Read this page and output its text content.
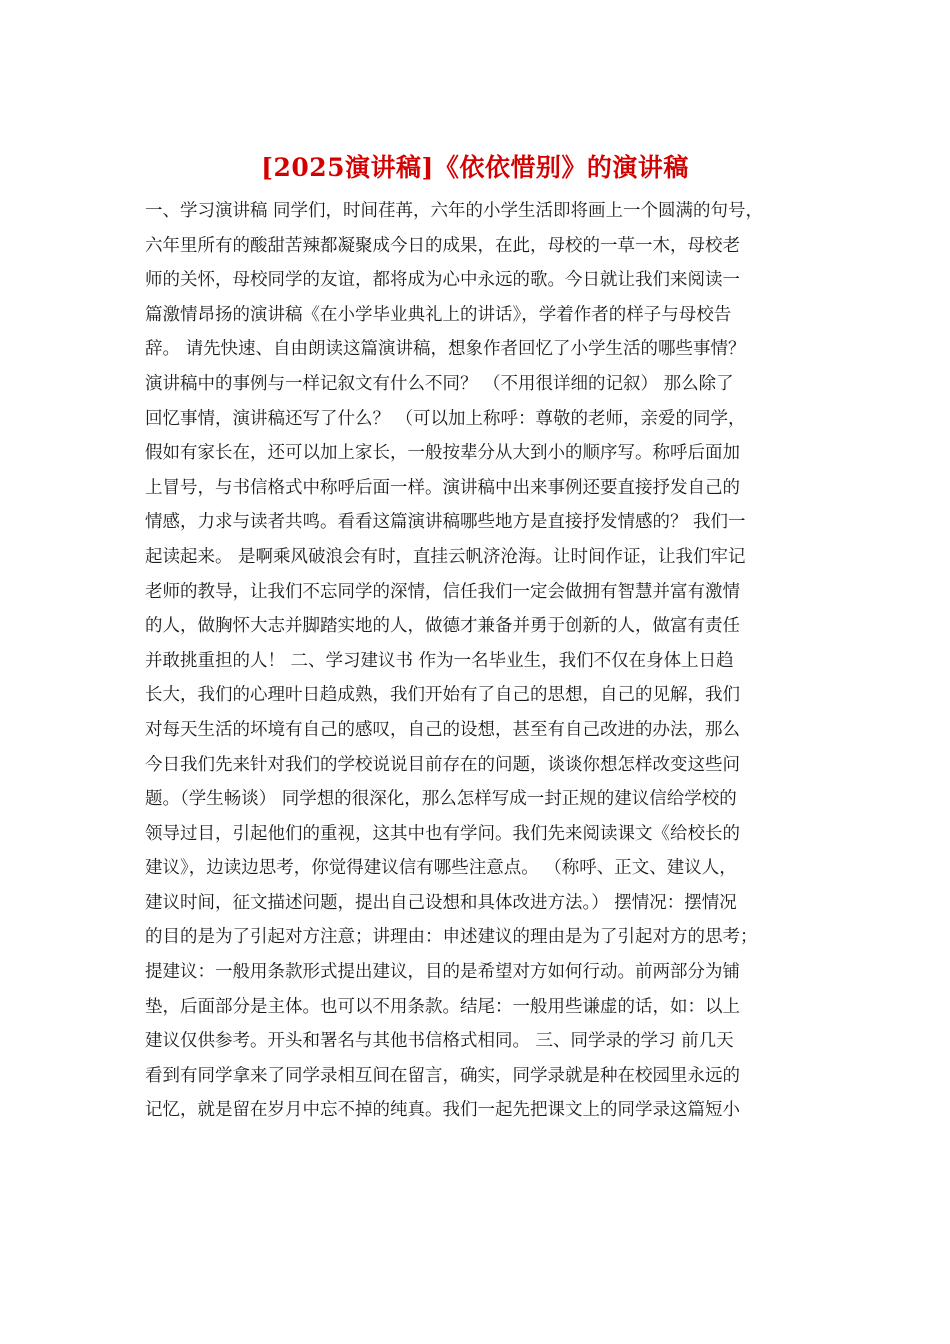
[2025演讲稿]《依依惜别》的演讲稿
一、学习演讲稿 同学们，时间荏苒，六年的小学生活即将画上一个圆满的句号，
六年里所有的酸甜苦辣都凝聚成今日的成果，在此，母校的一草一木，母校老
师的关怀，母校同学的友谊，都将成为心中永远的歌。今日就让我们来阅读一
篇激情昂扬的演讲稿《在小学毕业典礼上的讲话》，学着作者的样子与母校告
辞。 请先快速、自由朗读这篇演讲稿，想象作者回忆了小学生活的哪些事情？
演讲稿中的事例与一样记叙文有什么不同？ （不用很详细的记叙） 那么除了
回忆事情，演讲稿还写了什么？ （可以加上称呼：尊敬的老师，亲爱的同学，
假如有家长在，还可以加上家长，一般按辈分从大到小的顺序写。称呼后面加
上冒号，与书信格式中称呼后面一样。演讲稿中出来事例还要直接抒发自己的
情感，力求与读者共鸣。看看这篇演讲稿哪些地方是直接抒发情感的？ 我们一
起读起来。 是啊乘风破浪会有时，直挂云帆济沧海。让时间作证，让我们牢记
老师的教导，让我们不忘同学的深情，信任我们一定会做拥有智慧并富有激情
的人，做胸怀大志并脚踏实地的人，做德才兼备并勇于创新的人，做富有责任
并敢挑重担的人！ 二、学习建议书 作为一名毕业生，我们不仅在身体上日趋
长大，我们的心理叶日趋成熟，我们开始有了自己的思想，自己的见解，我们
对每天生活的坏境有自己的感叹，自己的设想，甚至有自己改进的办法，那么
今日我们先来针对我们的学校说说目前存在的问题，谈谈你想怎样改变这些问
题。（学生畅谈） 同学想的很深化，那么怎样写成一封正规的建议信给学校的
领导过目，引起他们的重视，这其中也有学问。我们先来阅读课文《给校长的
建议》，边读边思考，你觉得建议信有哪些注意点。 （称呼、正文、建议人，
建议时间，征文描述问题，提出自己设想和具体改进方法。） 摆情况：摆情况
的目的是为了引起对方注意；讲理由：申述建议的理由是为了引起对方的思考；
提建议：一般用条款形式提出建议，目的是希望对方如何行动。前两部分为铺
垫，后面部分是主体。也可以不用条款。结尾：一般用些谦虚的话，如：以上
建议仅供参考。开头和署名与其他书信格式相同。 三、同学录的学习 前几天
看到有同学拿来了同学录相互间在留言，确实，同学录就是种在校园里永远的
记忆，就是留在岁月中忘不掉的纯真。我们一起先把课文上的同学录这篇短小
